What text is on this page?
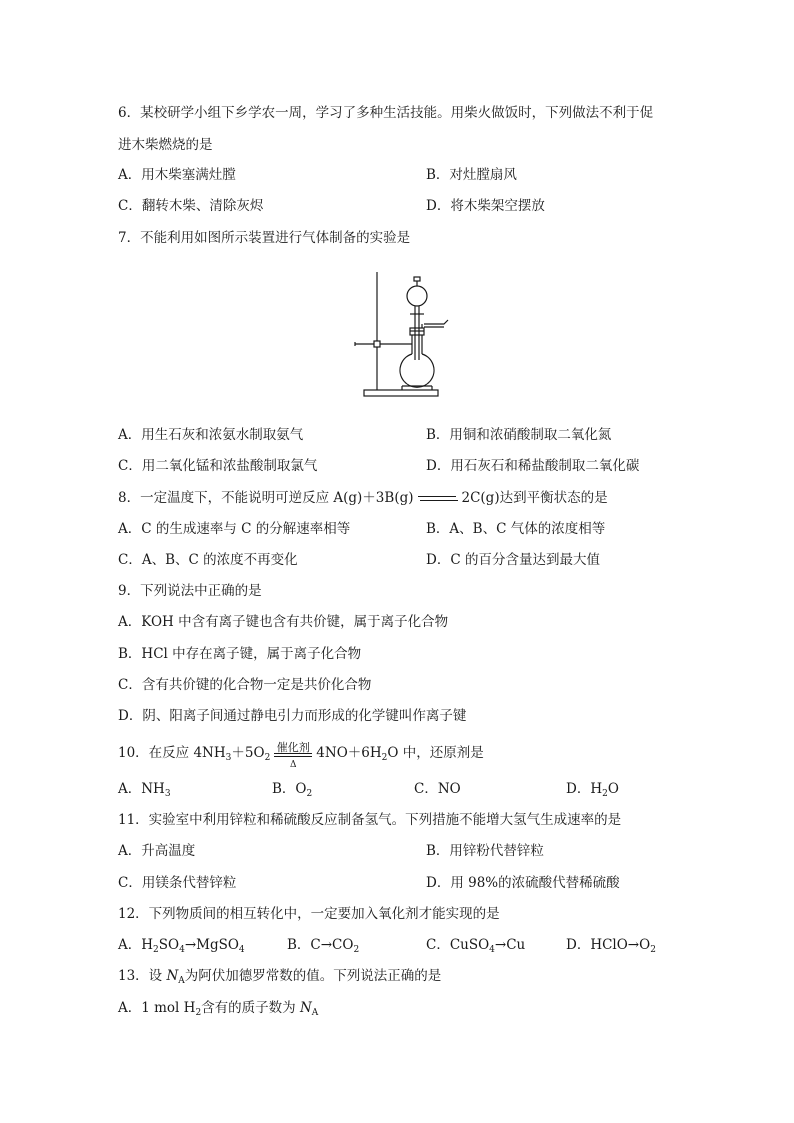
6．某校研学小组下乡学农一周，学习了多种生活技能。用柴火做饭时，下列做法不利于促
进木柴燃烧的是
A．用木柴塞满灶膛	B．对灶膛扇风
C．翻转木柴、清除灰烬	D．将木柴架空摆放
7．不能利用如图所示装置进行气体制备的实验是
A．用生石灰和浓氨水制取氨气	B．用铜和浓硝酸制取二氧化氮
C．用二氧化锰和浓盐酸制取氯气	D．用石灰石和稀盐酸制取二氧化碳
8．一定温度下，不能说明可逆反应 A(g)＋3B(g)	2C(g)达到平衡状态的是
A．C 的生成速率与 C 的分解速率相等	B．A、B、C 气体的浓度相等
C．A、B、C 的浓度不再变化	D．C 的百分含量达到最大值
9．下列说法中正确的是
A．KOH 中含有离子键也含有共价键，属于离子化合物
B．HCl 中存在离子键，属于离子化合物
C．含有共价键的化合物一定是共价化合物
D．阴、阳离子间通过静电引力而形成的化学键叫作离子键
10．在反应 $4NH_3+5O_2$
催化剂
Δ
$4NO+6H_2O$ 中，还原剂是
A．$NH_3$	B．$O_2$	C．NO	D．$H_2O$
11．实验室中利用锌粒和稀硫酸反应制备氢气。下列措施不能增大氢气生成速率的是
A．升高温度	B．用锌粉代替锌粒
C．用镁条代替锌粒	D．用 98%的浓硫酸代替稀硫酸
12．下列物质间的相互转化中，一定要加入氧化剂才能实现的是
A．$H_2SO_4\to MgSO_4$	B．$C\to CO_2$	C．CuSO$_4$→Cu	D．$HClO\to O_2$
13．设 $N_A$为阿伏加德罗常数的值。下列说法正确的是
A．1 mol $H_2$含有的质子数为 $N_A$
